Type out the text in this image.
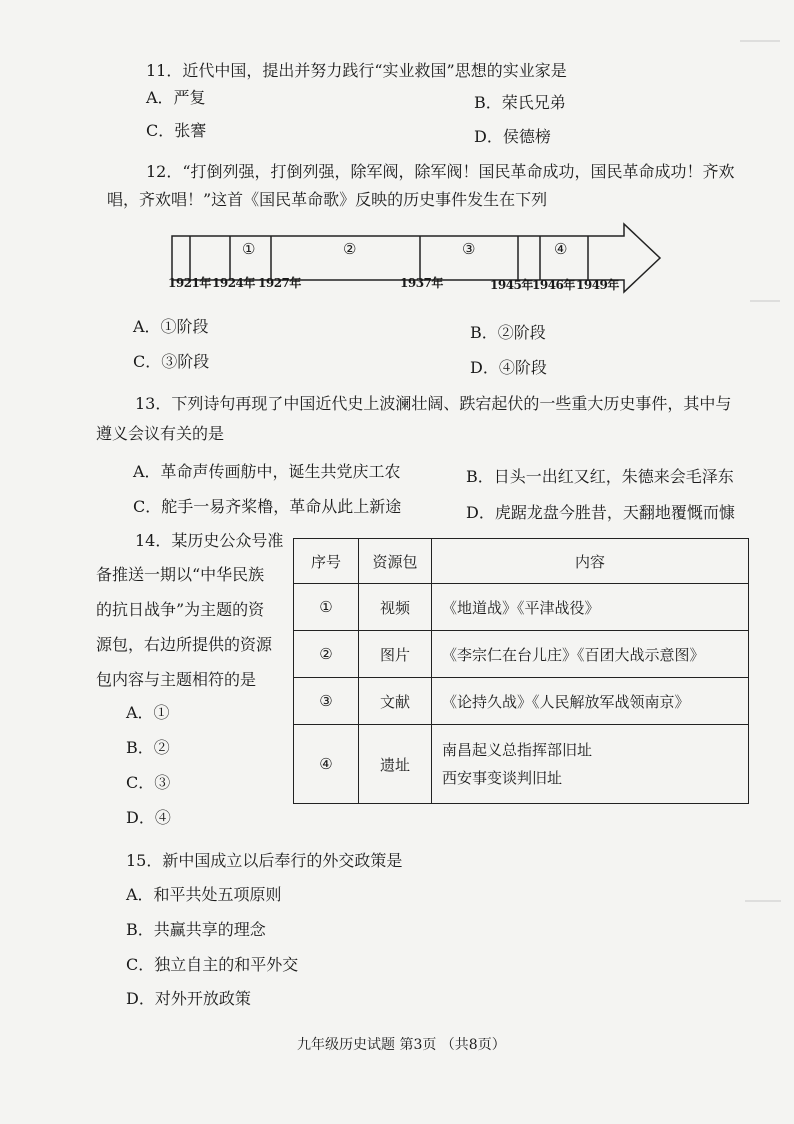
11．近代中国，提出并努力践行“实业救国”思想的实业家是
A．严复	B．荣氏兄弟
C．张謇	D．侯德榜
12．“打倒列强，打倒列强，除军阀，除军阀！国民革命成功，国民革命成功！齐欢
唱，齐欢唱！”这首《国民革命歌》反映的历史事件发生在下列
①	②	③	④
1921年 1924年 1927年	1937年	1945年 1946年 1949年
A．①阶段	B．②阶段
C．③阶段	D．④阶段
13．下列诗句再现了中国近代史上波澜壮阔、跌宕起伏的一些重大历史事件，其中与
遵义会议有关的是
A．革命声传画舫中，诞生共党庆工农	B．日头一出红又红，朱德来会毛泽东
C．舵手一易齐桨橹，革命从此上新途	D．虎踞龙盘今胜昔，天翻地覆慨而慷
14．某历史公众号准
备推送一期以“中华民族
的抗日战争”为主题的资
源包，右边所提供的资源
包内容与主题相符的是
A．①
B．②
C．③
D．④
序号	资源包	内容
①	视频	《地道战》《平津战役》
②	图片	《李宗仁在台儿庄》《百团大战示意图》
③	文献	《论持久战》《人民解放军战领南京》
④	遗址	南昌起义总指挥部旧址
西安事变谈判旧址
15．新中国成立以后奉行的外交政策是
A．和平共处五项原则
B．共赢共享的理念
C．独立自主的和平外交
D．对外开放政策
九年级历史试题 第3页 （共8页）
